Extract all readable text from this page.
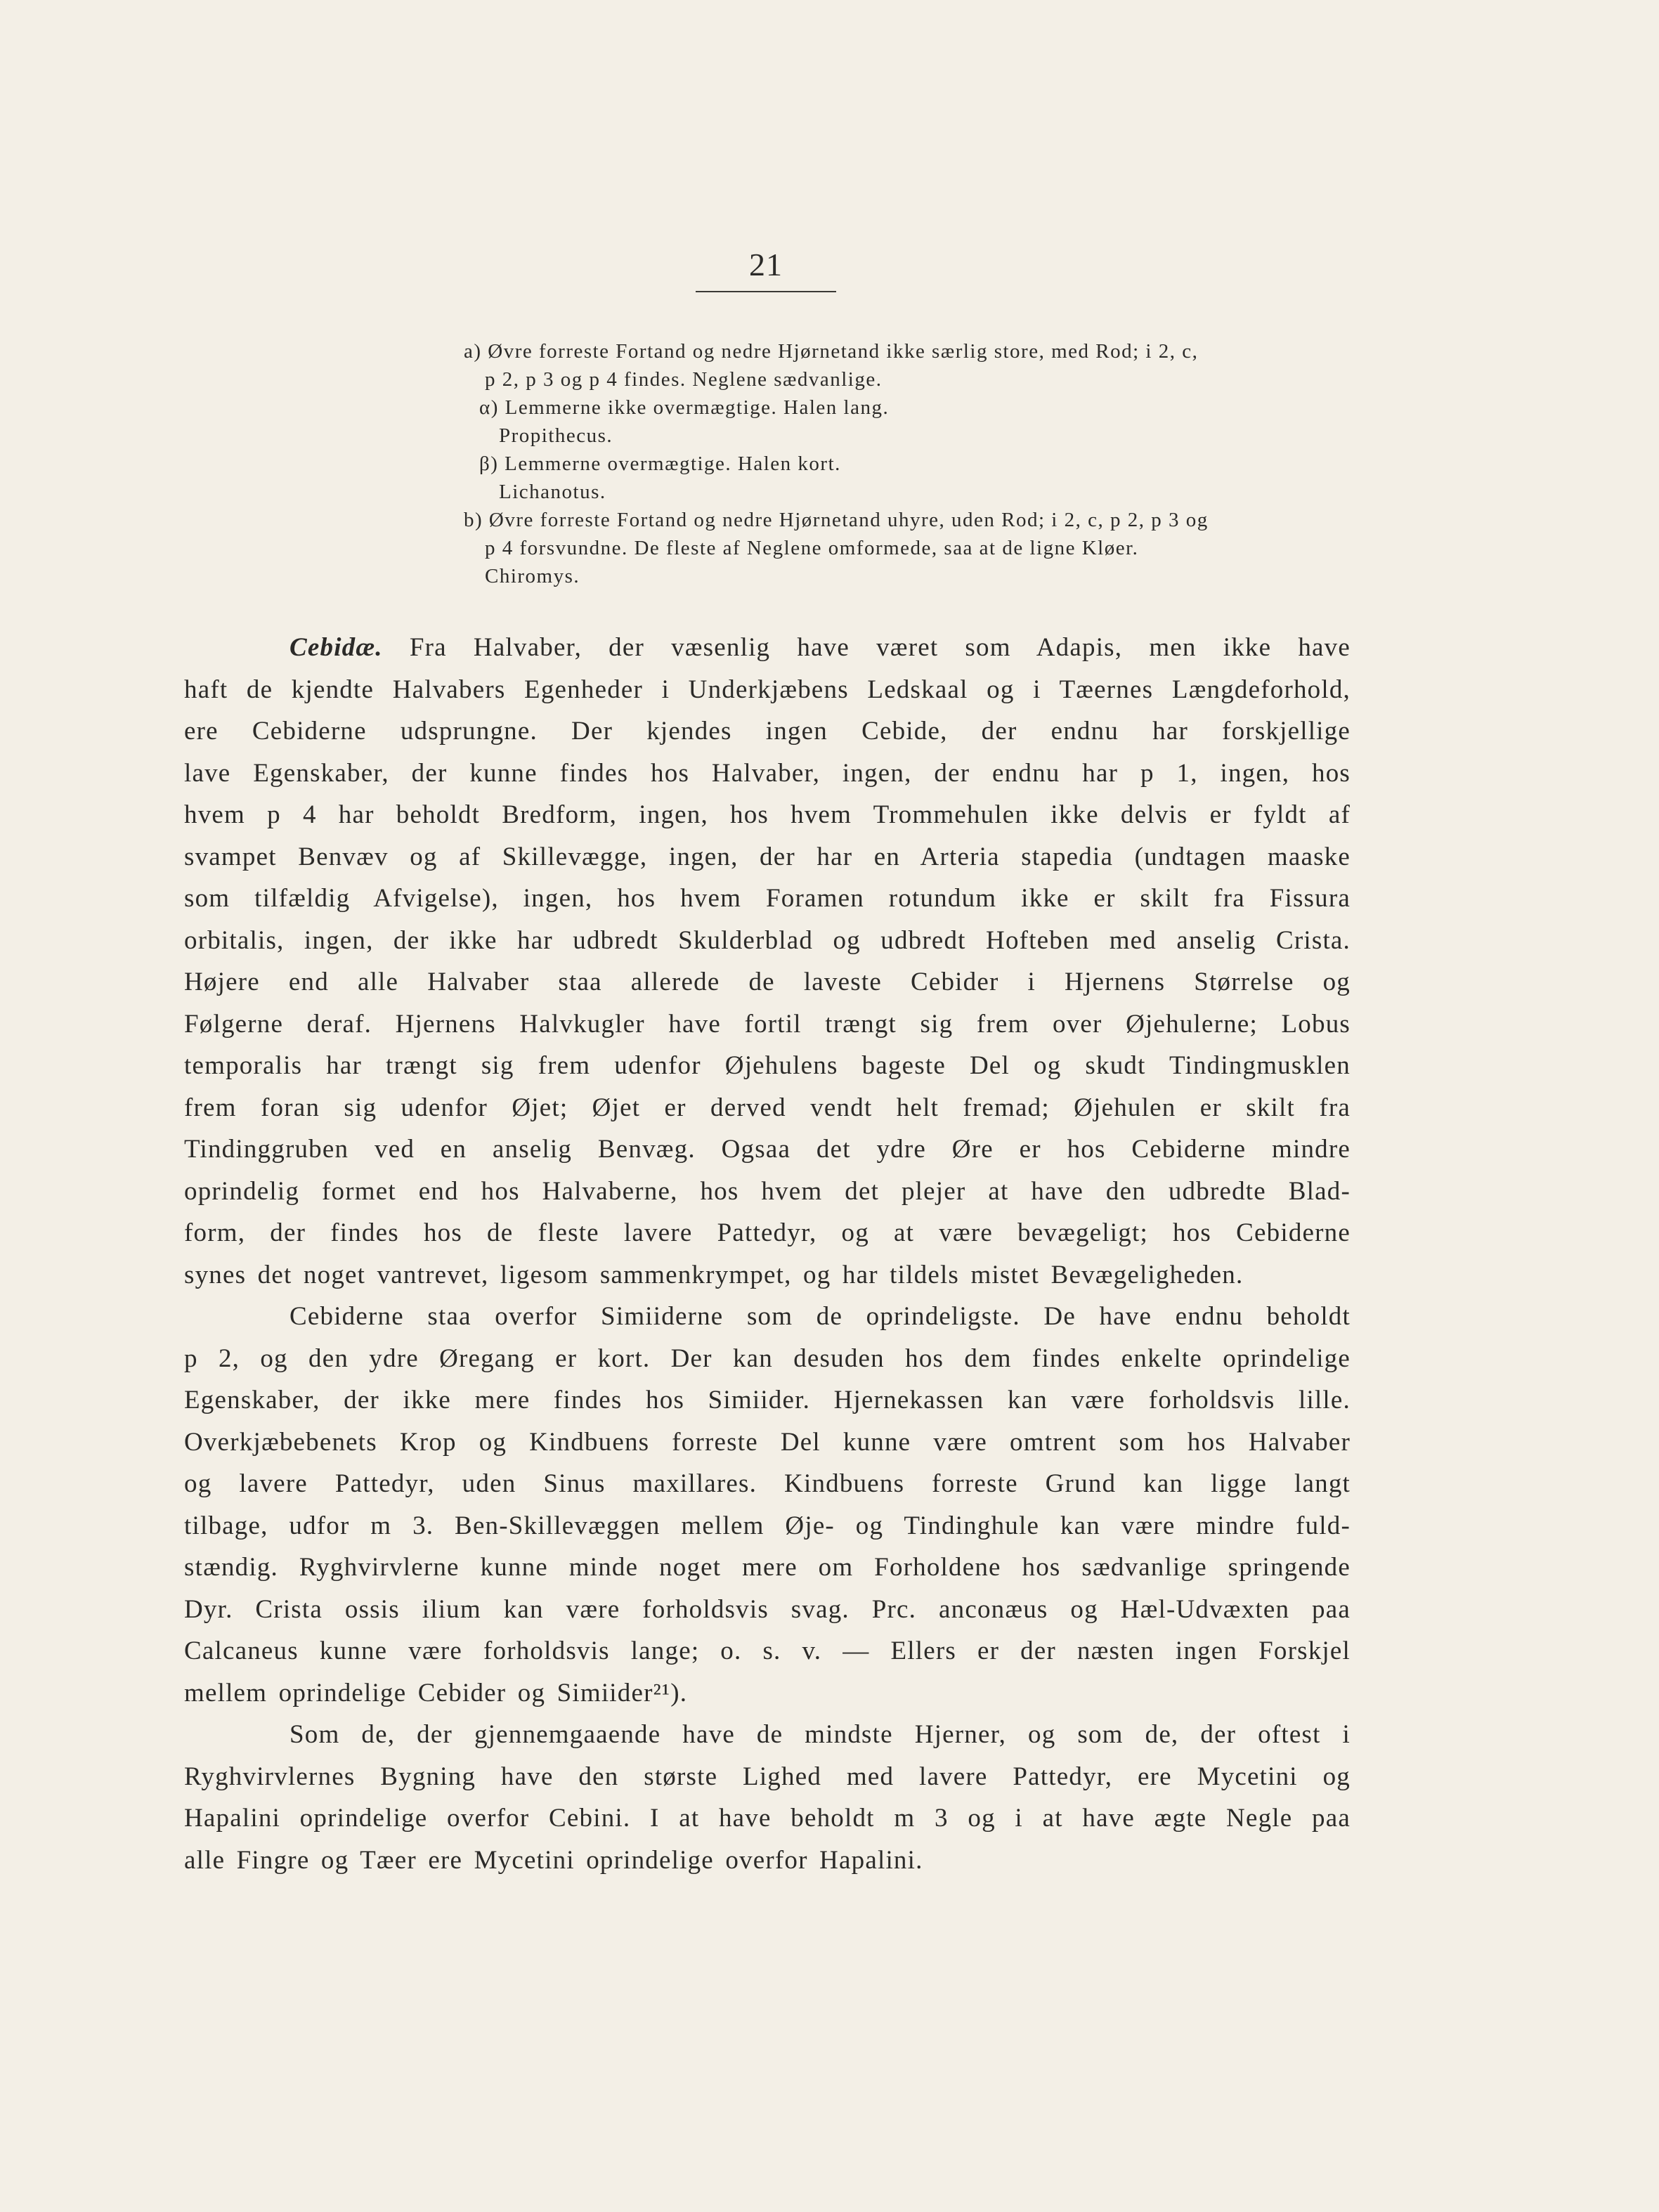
21
a) Øvre forreste Fortand og nedre Hjørnetand ikke særlig store, med Rod; i 2, c,
p 2, p 3 og p 4 findes. Neglene sædvanlige.
α) Lemmerne ikke overmægtige. Halen lang.
Propithecus.
β) Lemmerne overmægtige. Halen kort.
Lichanotus.
b) Øvre forreste Fortand og nedre Hjørnetand uhyre, uden Rod; i 2, c, p 2, p 3 og
p 4 forsvundne. De fleste af Neglene omformede, saa at de ligne Kløer.
Chiromys.
Cebidæ. Fra Halvaber, der væsenlig have været som Adapis, men ikke have
haft de kjendte Halvabers Egenheder i Underkjæbens Ledskaal og i Tæernes Længdeforhold,
ere Cebiderne udsprungne. Der kjendes ingen Cebide, der endnu har forskjellige
lave Egenskaber, der kunne findes hos Halvaber, ingen, der endnu har p 1, ingen, hos
hvem p 4 har beholdt Bredform, ingen, hos hvem Trommehulen ikke delvis er fyldt af
svampet Benvæv og af Skillevægge, ingen, der har en Arteria stapedia (undtagen maaske
som tilfældig Afvigelse), ingen, hos hvem Foramen rotundum ikke er skilt fra Fissura
orbitalis, ingen, der ikke har udbredt Skulderblad og udbredt Hofteben med anselig Crista.
Højere end alle Halvaber staa allerede de laveste Cebider i Hjernens Størrelse og
Følgerne deraf. Hjernens Halvkugler have fortil trængt sig frem over Øjehulerne; Lobus
temporalis har trængt sig frem udenfor Øjehulens bageste Del og skudt Tindingmusklen
frem foran sig udenfor Øjet; Øjet er derved vendt helt fremad; Øjehulen er skilt fra
Tindinggruben ved en anselig Benvæg. Ogsaa det ydre Øre er hos Cebiderne mindre
oprindelig formet end hos Halvaberne, hos hvem det plejer at have den udbredte Blad-
form, der findes hos de fleste lavere Pattedyr, og at være bevægeligt; hos Cebiderne
synes det noget vantrevet, ligesom sammenkrympet, og har tildels mistet Bevægeligheden.
Cebiderne staa overfor Simiiderne som de oprindeligste. De have endnu beholdt
p 2, og den ydre Øregang er kort. Der kan desuden hos dem findes enkelte oprindelige
Egenskaber, der ikke mere findes hos Simiider. Hjernekassen kan være forholdsvis lille.
Overkjæbebenets Krop og Kindbuens forreste Del kunne være omtrent som hos Halvaber
og lavere Pattedyr, uden Sinus maxillares. Kindbuens forreste Grund kan ligge langt
tilbage, udfor m 3. Ben-Skillevæggen mellem Øje- og Tindinghule kan være mindre fuld-
stændig. Ryghvirvlerne kunne minde noget mere om Forholdene hos sædvanlige springende
Dyr. Crista ossis ilium kan være forholdsvis svag. Prc. anconæus og Hæl-Udvæxten paa
Calcaneus kunne være forholdsvis lange; o. s. v. — Ellers er der næsten ingen Forskjel
mellem oprindelige Cebider og Simiider²¹).
Som de, der gjennemgaaende have de mindste Hjerner, og som de, der oftest i
Ryghvirvlernes Bygning have den største Lighed med lavere Pattedyr, ere Mycetini og
Hapalini oprindelige overfor Cebini. I at have beholdt m 3 og i at have ægte Negle paa
alle Fingre og Tæer ere Mycetini oprindelige overfor Hapalini.
